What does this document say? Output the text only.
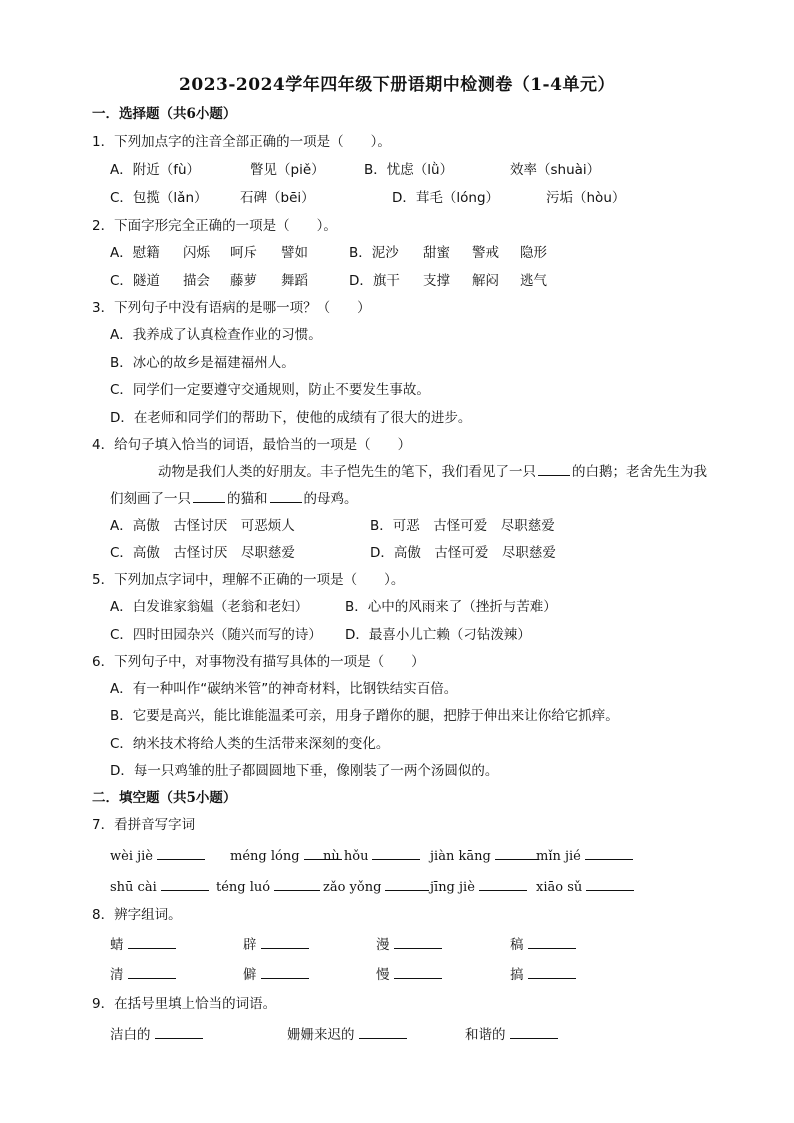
2023-2024学年四年级下册语期中检测卷（1-4单元）
一．选择题（共6小题）
1．下列加点字的注音全部正确的一项是（　　）。
A．附近（fù）	瞥见（piě）	B．忧虑（lǜ）	效率（shuài）
C．包揽（lǎn） 石碑（bēi）	D．茸毛（lóng）	污垢（hòu）
2．下面字形完全正确的一项是（　　）。
A．慰籍 闪烁 呵斥 譬如	B．泥沙 甜蜜 警戒 隐形
C．隧道 描会 藤萝 舞蹈	D．旗干 支撑 解闷 逃气
3．下列句子中没有语病的是哪一项？（　　）
A．我养成了认真检查作业的习惯。
B．冰心的故乡是福建福州人。
C．同学们一定要遵守交通规则，防止不要发生事故。
D．在老师和同学们的帮助下，使他的成绩有了很大的进步。
4．给句子填入恰当的词语，最恰当的一项是（　　）
动物是我们人类的好朋友。丰子恺先生的笔下，我们看见了一只	的白鹅；老舍先生为我
们刻画了一只	的猫和	的母鸡。
A．高傲　古怪讨厌　可恶烦人	B．可恶　古怪可爱　尽职慈爱
C．高傲　古怪讨厌　尽职慈爱	D．高傲　古怪可爱　尽职慈爱
5．下列加点字词中，理解不正确的一项是（　　）。
A．白发谁家翁媪（老翁和老妇）	B．心中的风雨来了（挫折与苦难）
C．四时田园杂兴（随兴而写的诗） D．最喜小儿亡赖（刁钻泼辣）
6．下列句子中，对事物没有描写具体的一项是（　　）
A．有一种叫作“碳纳米管”的神奇材料，比钢铁结实百倍。
B．它要是高兴，能比谁能温柔可亲，用身子蹭你的腿，把脖于伸出来让你给它抓痒。
C．纳米技术将给人类的生活带来深刻的变化。
D．每一只鸡雏的肚子都圆圆地下垂，像刚装了一两个汤圆似的。
二．填空题（共5小题）
7．看拼音写字词
wèi jiè	méng lóng	nù hǒu	jiàn kāng	mǐn jié
shū cài	téng luó	zǎo yǒng	jīng jiè	xiāo sǔ
8．辨字组词。
蜻	辟	漫	稿
清	僻	慢	搞
9．在括号里填上恰当的词语。
洁白的	姗姗来迟的	和谐的
